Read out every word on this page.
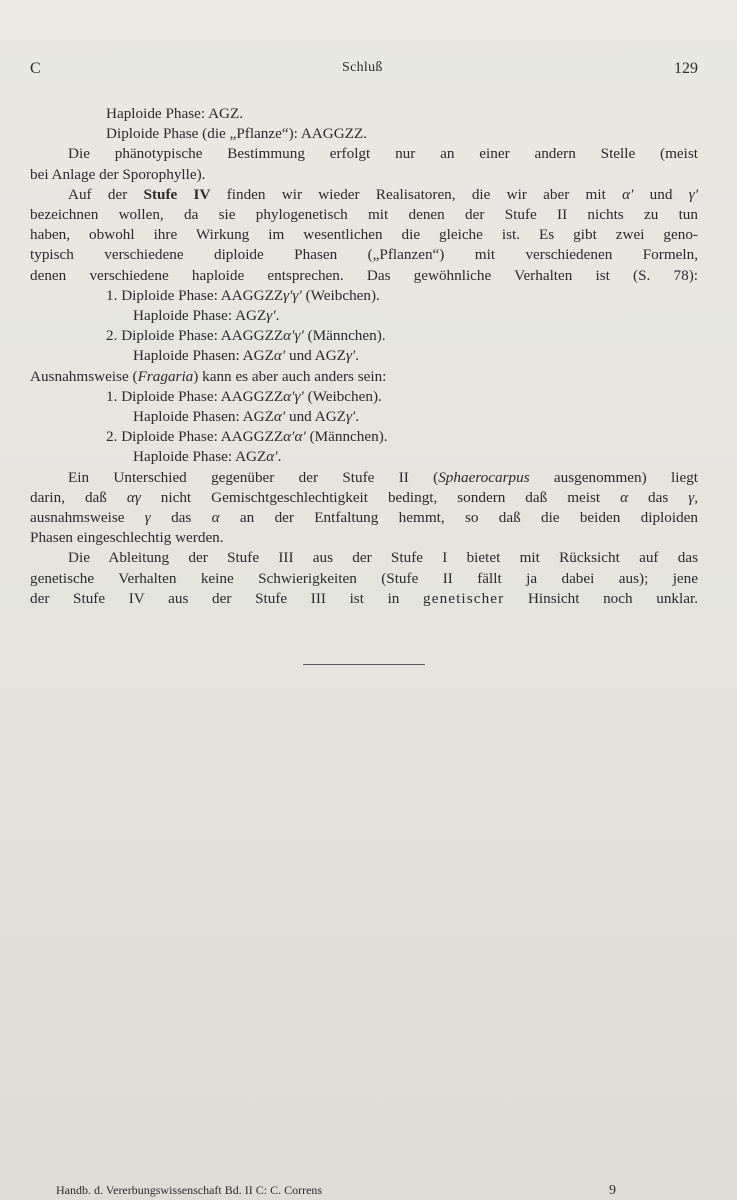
C	Schluß	129
Haploide Phase: AGZ.
Diploide Phase (die „Pflanze“): AAGGZZ.
Die phänotypische Bestimmung erfolgt nur an einer andern Stelle (meist
bei Anlage der Sporophylle).
Auf der Stufe IV finden wir wieder Realisatoren, die wir aber mit α′ und γ′
bezeichnen wollen, da sie phylogenetisch mit denen der Stufe II nichts zu tun
haben, obwohl ihre Wirkung im wesentlichen die gleiche ist. Es gibt zwei geno-
typisch verschiedene diploide Phasen („Pflanzen“) mit verschiedenen Formeln,
denen verschiedene haploide entsprechen. Das gewöhnliche Verhalten ist (S. 78):
1. Diploide Phase: AAGGZZγ′γ′ (Weibchen).
Haploide Phase: AGZγ′.
2. Diploide Phase: AAGGZZα′γ′ (Männchen).
Haploide Phasen: AGZα′ und AGZγ′.
Ausnahmsweise (Fragaria) kann es aber auch anders sein:
1. Diploide Phase: AAGGZZα′γ′ (Weibchen).
Haploide Phasen: AGZα′ und AGZγ′.
2. Diploide Phase: AAGGZZα′α′ (Männchen).
Haploide Phase: AGZα′.
Ein Unterschied gegenüber der Stufe II (Sphaerocarpus ausgenommen) liegt
darin, daß αγ nicht Gemischtgeschlechtigkeit bedingt, sondern daß meist α das γ,
ausnahmsweise γ das α an der Entfaltung hemmt, so daß die beiden diploiden
Phasen eingeschlechtig werden.
Die Ableitung der Stufe III aus der Stufe I bietet mit Rücksicht auf das
genetische Verhalten keine Schwierigkeiten (Stufe II fällt ja dabei aus); jene
der Stufe IV aus der Stufe III ist in genetischer Hinsicht noch unklar.
Handb. d. Vererbungswissenschaft Bd. II C: C. Correns	9
